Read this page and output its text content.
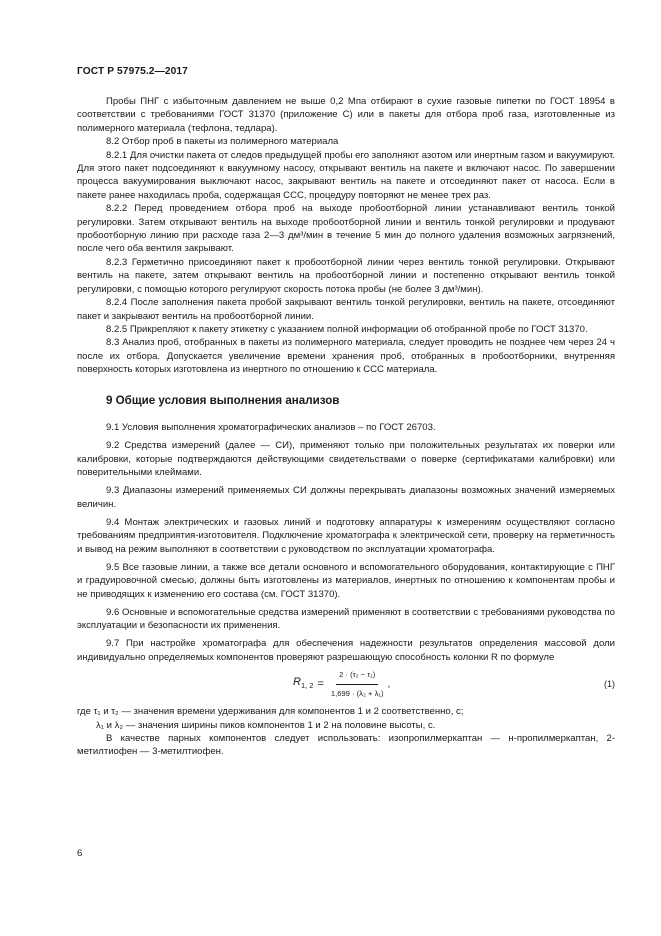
ГОСТ Р 57975.2—2017

Пробы ПНГ с избыточным давлением не выше 0,2 Мпа отбирают в сухие газовые пипетки по ГОСТ 18954 в соответствии с требованиями ГОСТ 31370 (приложение С) или в пакеты для отбора проб газа, изготовленные из полимерного материала (тефлона, тедлара).

8.2 Отбор проб в пакеты из полимерного материала

8.2.1 Для очистки пакета от следов предыдущей пробы его заполняют азотом или инертным газом и вакуумируют. Для этого пакет подсоединяют к вакуумному насосу, открывают вентиль на пакете и включают насос. По завершении процесса вакуумирования выключают насос, закрывают вентиль на пакете и отсоединяют пакет от насоса. Если в пакете ранее находилась проба, содержащая ССС, процедуру повторяют не менее трех раз.

8.2.2 Перед проведением отбора проб на выходе пробоотборной линии устанавливают вентиль тонкой регулировки. Затем открывают вентиль на выходе пробоотборной линии и вентиль тонкой регулировки и продувают пробоотборную линию при расходе газа 2—3 дм³/мин в течение 5 мин до полного удаления возможных загрязнений, после чего оба вентиля закрывают.

8.2.3 Герметично присоединяют пакет к пробоотборной линии через вентиль тонкой регулировки. Открывают вентиль на пакете, затем открывают вентиль на пробоотборной линии и постепенно открывают вентиль тонкой регулировки, с помощью которого регулируют скорость потока пробы (не более 3 дм³/мин).

8.2.4 После заполнения пакета пробой закрывают вентиль тонкой регулировки, вентиль на пакете, отсоединяют пакет и закрывают вентиль на пробоотборной линии.

8.2.5 Прикрепляют к пакету этикетку с указанием полной информации об отобранной пробе по ГОСТ 31370.

8.3 Анализ проб, отобранных в пакеты из полимерного материала, следует проводить не позднее чем через 24 ч после их отбора. Допускается увеличение времени хранения проб, отобранных в пробоотборники, внутренняя поверхность которых изготовлена из инертного по отношению к ССС материала.

9 Общие условия выполнения анализов

9.1 Условия выполнения хроматографических анализов – по ГОСТ 26703.

9.2 Средства измерений (далее — СИ), применяют только при положительных результатах их поверки или калибровки, которые подтверждаются действующими свидетельствами о поверке (сертификатами калибровки) или поверительными клеймами.

9.3 Диапазоны измерений применяемых СИ должны перекрывать диапазоны возможных значений измеряемых величин.

9.4 Монтаж электрических и газовых линий и подготовку аппаратуры к измерениям осуществляют согласно требованиям предприятия-изготовителя. Подключение хроматографа к электрической сети, проверку на герметичность и вывод на режим выполняют в соответствии с руководством по эксплуатации хроматографа.

9.5 Все газовые линии, а также все детали основного и вспомогательного оборудования, контактирующие с ПНГ и градуировочной смесью, должны быть изготовлены из материалов, инертных по отношению к компонентам пробы и не приводящих к изменению его состава (см. ГОСТ 31370).

9.6 Основные и вспомогательные средства измерений применяют в соответствии с требованиями руководства по эксплуатации и безопасности их применения.

9.7 При настройке хроматографа для обеспечения надежности результатов определения массовой доли индивидуально определяемых компонентов проверяют разрешающую способность колонки R по формуле

$R_{1, 2} = \frac{\text{2 · (τ₂ − τ₁)}}{\text{1,699 · (λ₂ + λ₁)}}$ ,	(1)

где τ₁ и τ₂ — значения времени удерживания для компонентов 1 и 2 соответственно, с;

λ₁ и λ₂ — значения ширины пиков компонентов 1 и 2 на половине высоты, с.

В качестве парных компонентов следует использовать: изопропилмеркаптан — н-пропилмеркаптан, 2-метилтиофен — 3-метилтиофен.

6
